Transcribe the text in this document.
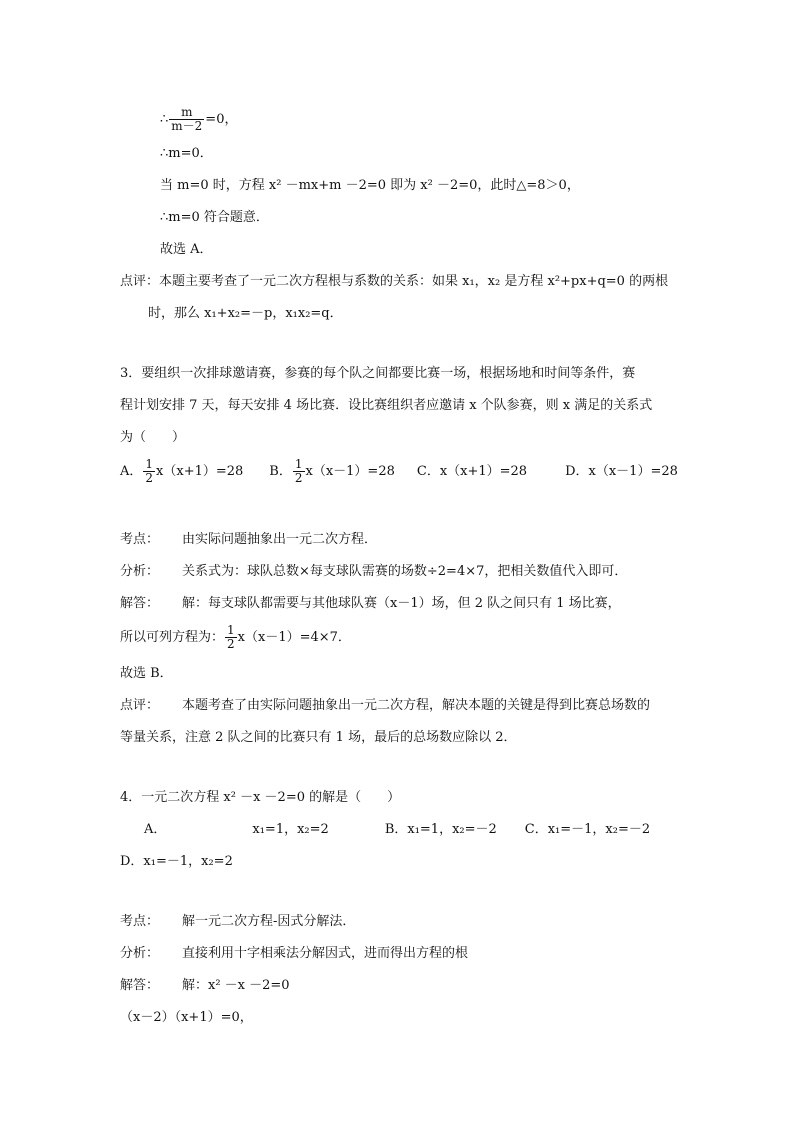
∴ $\frac{m}{m-2} =0$，
∴m=0．
当 m=0 时，方程 x² －mx+m －2=0 即为 x² －2=0，此时△=8＞0，
∴m=0 符合题意．
故选 A．
点评：本题主要考查了一元二次方程根与系数的关系：如果 x₁，x₂ 是方程 x²+px+q=0 的两根
时，那么 x₁+x₂=－p，x₁x₂=q．
3．要组织一次排球邀请赛，参赛的每个队之间都要比赛一场，根据场地和时间等条件，赛
程计划安排 7 天，每天安排 4 场比赛．设比赛组织者应邀请 x 个队参赛，则 x 满足的关系式
为（　　）
A． $\frac{1}{2} x(x+1)=28$ B． $\frac{1}{2} x(x-1)=28$ C．x（x+1）=28	D．x（x－1）=28
考点： 由实际问题抽象出一元二次方程．
分析： 关系式为：球队总数×每支球队需赛的场数÷2=4×7，把相关数值代入即可．
解答： 解：每支球队都需要与其他球队赛（x－1）场，但 2 队之间只有 1 场比赛，
所以可列方程为： $\frac{1}{2} x(x-1)=4\times 7$．
故选 B．
点评： 本题考查了由实际问题抽象出一元二次方程，解决本题的关键是得到比赛总场数的
等量关系，注意 2 队之间的比赛只有 1 场，最后的总场数应除以 2．
4．一元二次方程 x² －x －2=0 的解是（　　）
A．	x₁=1，x₂=2	B．x₁=1，x₂=－2 C．x₁=－1，x₂=－2
D．x₁=－1，x₂=2
考点： 解一元二次方程-因式分解法．
分析： 直接利用十字相乘法分解因式，进而得出方程的根
解答： 解：x² －x －2=0
（x－2）（x+1）=0，
